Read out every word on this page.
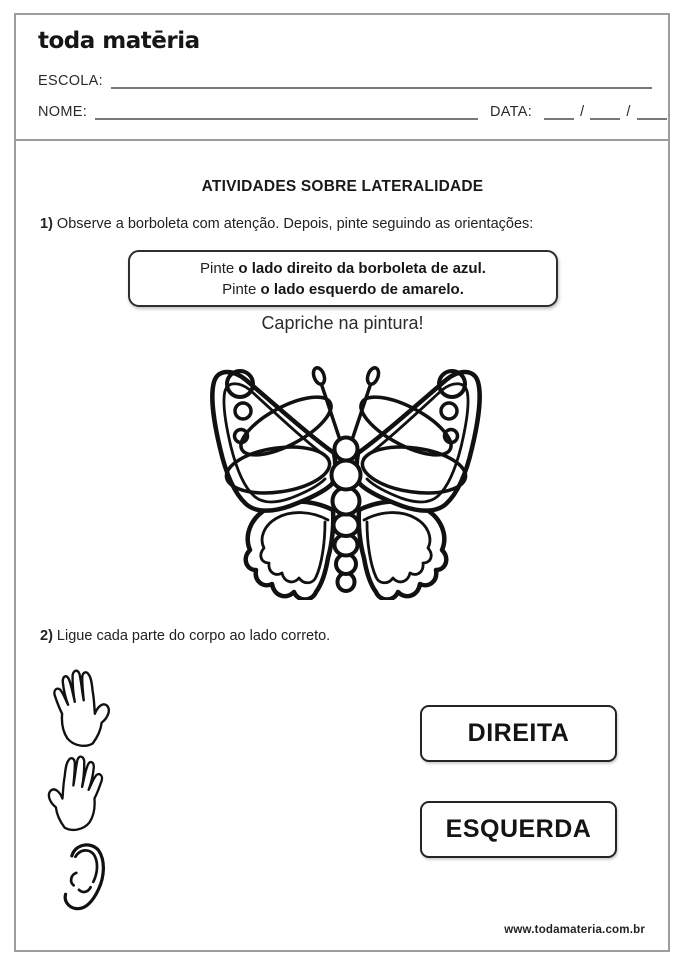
toda matēria
ESCOLA:
NOME:	DATA:	/	/
ATIVIDADES SOBRE LATERALIDADE
1) Observe a borboleta com atenção. Depois, pinte seguindo as orientações:
Pinte o lado direito da borboleta de azul.
Pinte o lado esquerdo de amarelo.
Capriche na pintura!
2) Ligue cada parte do corpo ao lado correto.
DIREITA
ESQUERDA
www.todamateria.com.br
